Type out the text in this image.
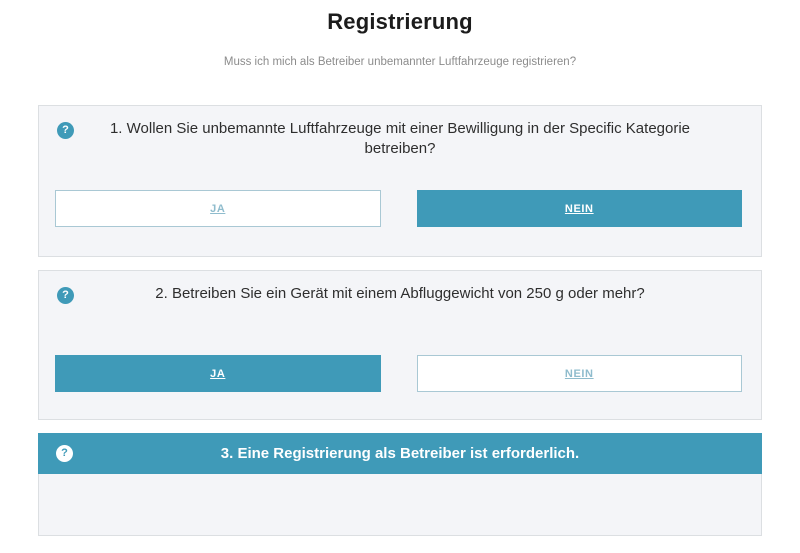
Registrierung
Muss ich mich als Betreiber unbemannter Luftfahrzeuge registrieren?
?	1. Wollen Sie unbemannte Luftfahrzeuge mit einer Bewilligung in der Specific Kategorie betreiben?
JA	NEIN
?	2. Betreiben Sie ein Gerät mit einem Abfluggewicht von 250 g oder mehr?
JA	NEIN
?	3. Eine Registrierung als Betreiber ist erforderlich.
